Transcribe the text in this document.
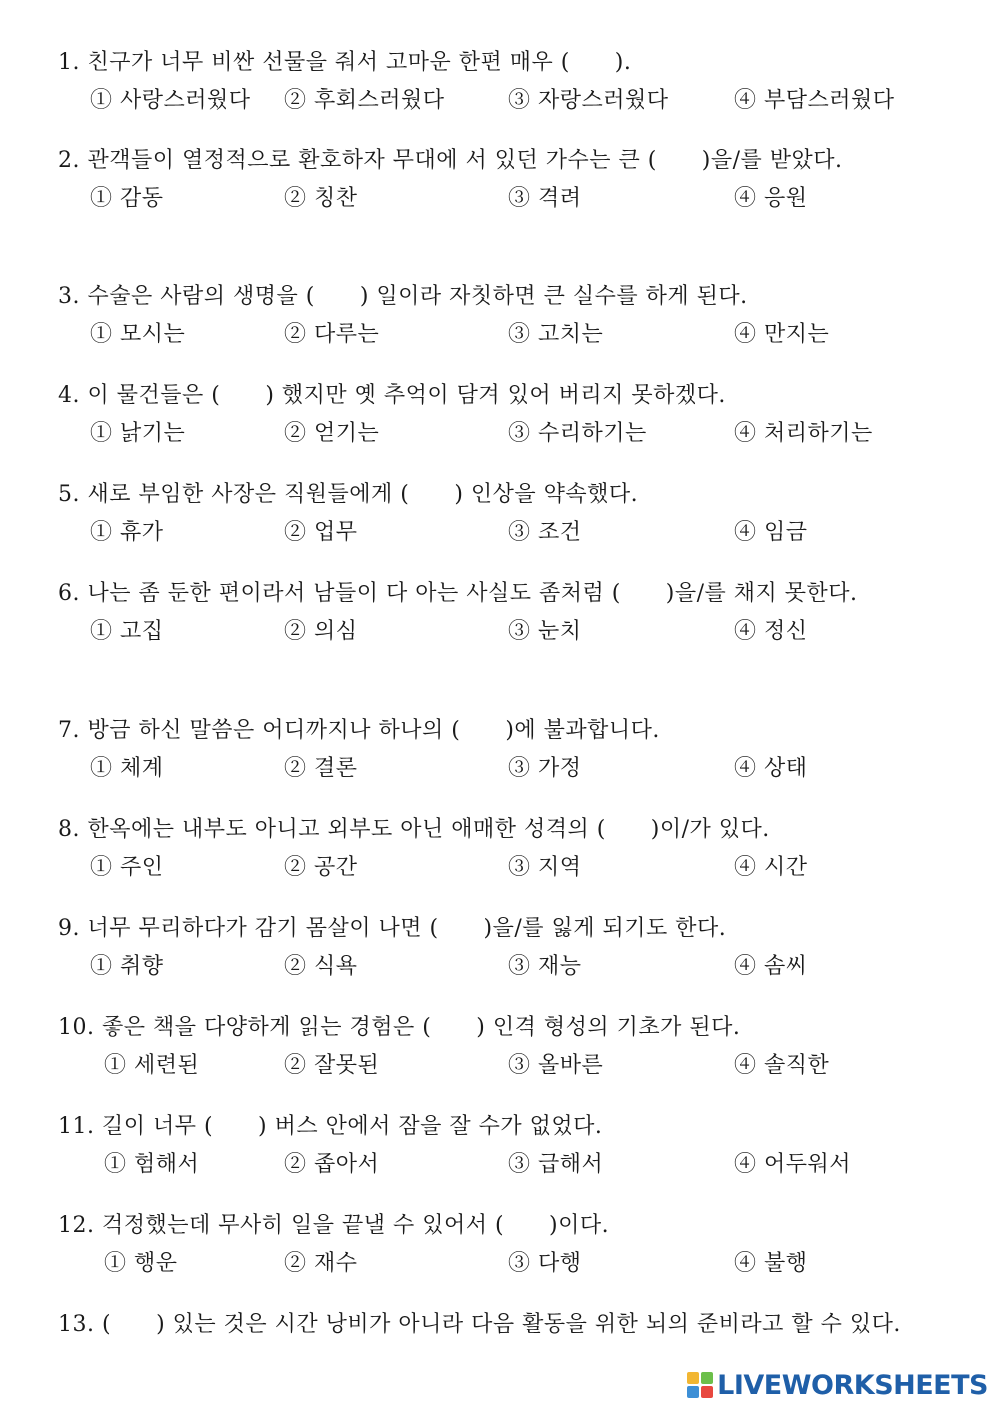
1. 친구가 너무 비싼 선물을 줘서 고마운 한편 매우 (　　).
① 사랑스러웠다 ② 후회스러웠다	③ 자랑스러웠다	④ 부담스러웠다
2. 관객들이 열정적으로 환호하자 무대에 서 있던 가수는 큰 (　　)을/를 받았다.
① 감동	② 칭찬	③ 격려	④ 응원
3. 수술은 사람의 생명을 (　　) 일이라 자칫하면 큰 실수를 하게 된다.
① 모시는	② 다루는	③ 고치는	④ 만지는
4. 이 물건들은 (　　) 했지만 옛 추억이 담겨 있어 버리지 못하겠다.
① 낡기는	② 얻기는	③ 수리하기는	④ 처리하기는
5. 새로 부임한 사장은 직원들에게 (　　) 인상을 약속했다.
① 휴가	② 업무	③ 조건	④ 임금
6. 나는 좀 둔한 편이라서 남들이 다 아는 사실도 좀처럼 (　　)을/를 채지 못한다.
① 고집	② 의심	③ 눈치	④ 정신
7. 방금 하신 말씀은 어디까지나 하나의 (　　)에 불과합니다.
① 체계	② 결론	③ 가정	④ 상태
8. 한옥에는 내부도 아니고 외부도 아닌 애매한 성격의 (　　)이/가 있다.
① 주인	② 공간	③ 지역	④ 시간
9. 너무 무리하다가 감기 몸살이 나면 (　　)을/를 잃게 되기도 한다.
① 취향	② 식욕	③ 재능	④ 솜씨
10. 좋은 책을 다양하게 읽는 경험은 (　　) 인격 형성의 기초가 된다.
① 세련된	② 잘못된	③ 올바른	④ 솔직한
11. 길이 너무 (　　) 버스 안에서 잠을 잘 수가 없었다.
① 험해서	② 좁아서	③ 급해서	④ 어두워서
12. 걱정했는데 무사히 일을 끝낼 수 있어서 (　　)이다.
① 행운	② 재수	③ 다행	④ 불행
13. (　　) 있는 것은 시간 낭비가 아니라 다음 활동을 위한 뇌의 준비라고 할 수 있다.
LIVEWORKSHEETS
